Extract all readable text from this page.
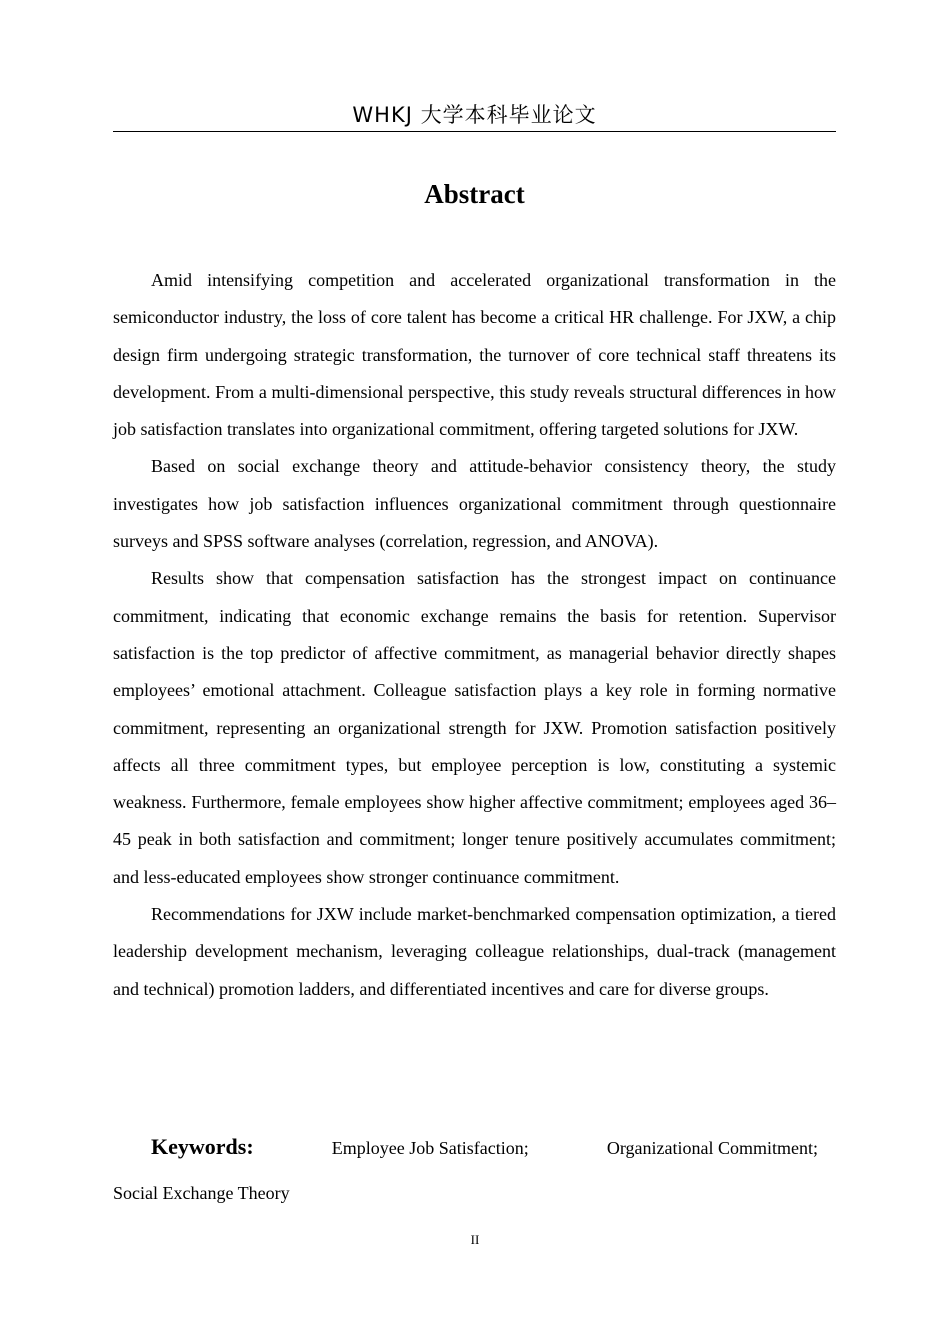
WHKJ 大学本科毕业论文
Abstract

Amid intensifying competition and accelerated organizational transformation in the semiconductor industry, the loss of core talent has become a critical HR challenge. For JXW, a chip design firm undergoing strategic transformation, the turnover of core technical staff threatens its development. From a multi-dimensional perspective, this study reveals structural differences in how job satisfaction translates into organizational commitment, offering targeted solutions for JXW.

Based on social exchange theory and attitude-behavior consistency theory, the study investigates how job satisfaction influences organizational commitment through questionnaire surveys and SPSS software analyses (correlation, regression, and ANOVA).

Results show that compensation satisfaction has the strongest impact on continuance commitment, indicating that economic exchange remains the basis for retention. Supervisor satisfaction is the top predictor of affective commitment, as managerial behavior directly shapes employees’ emotional attachment. Colleague satisfaction plays a key role in forming normative commitment, representing an organizational strength for JXW. Promotion satisfaction positively affects all three commitment types, but employee perception is low, constituting a systemic weakness. Furthermore, female employees show higher affective commitment; employees aged 36–45 peak in both satisfaction and commitment; longer tenure positively accumulates commitment; and less-educated employees show stronger continuance commitment.

Recommendations for JXW include market-benchmarked compensation optimization, a tiered leadership development mechanism, leveraging colleague relationships, dual-track (management and technical) promotion ladders, and differentiated incentives and care for diverse groups.

Keywords:	Employee Job Satisfaction;	Organizational Commitment;
Social Exchange Theory
II
